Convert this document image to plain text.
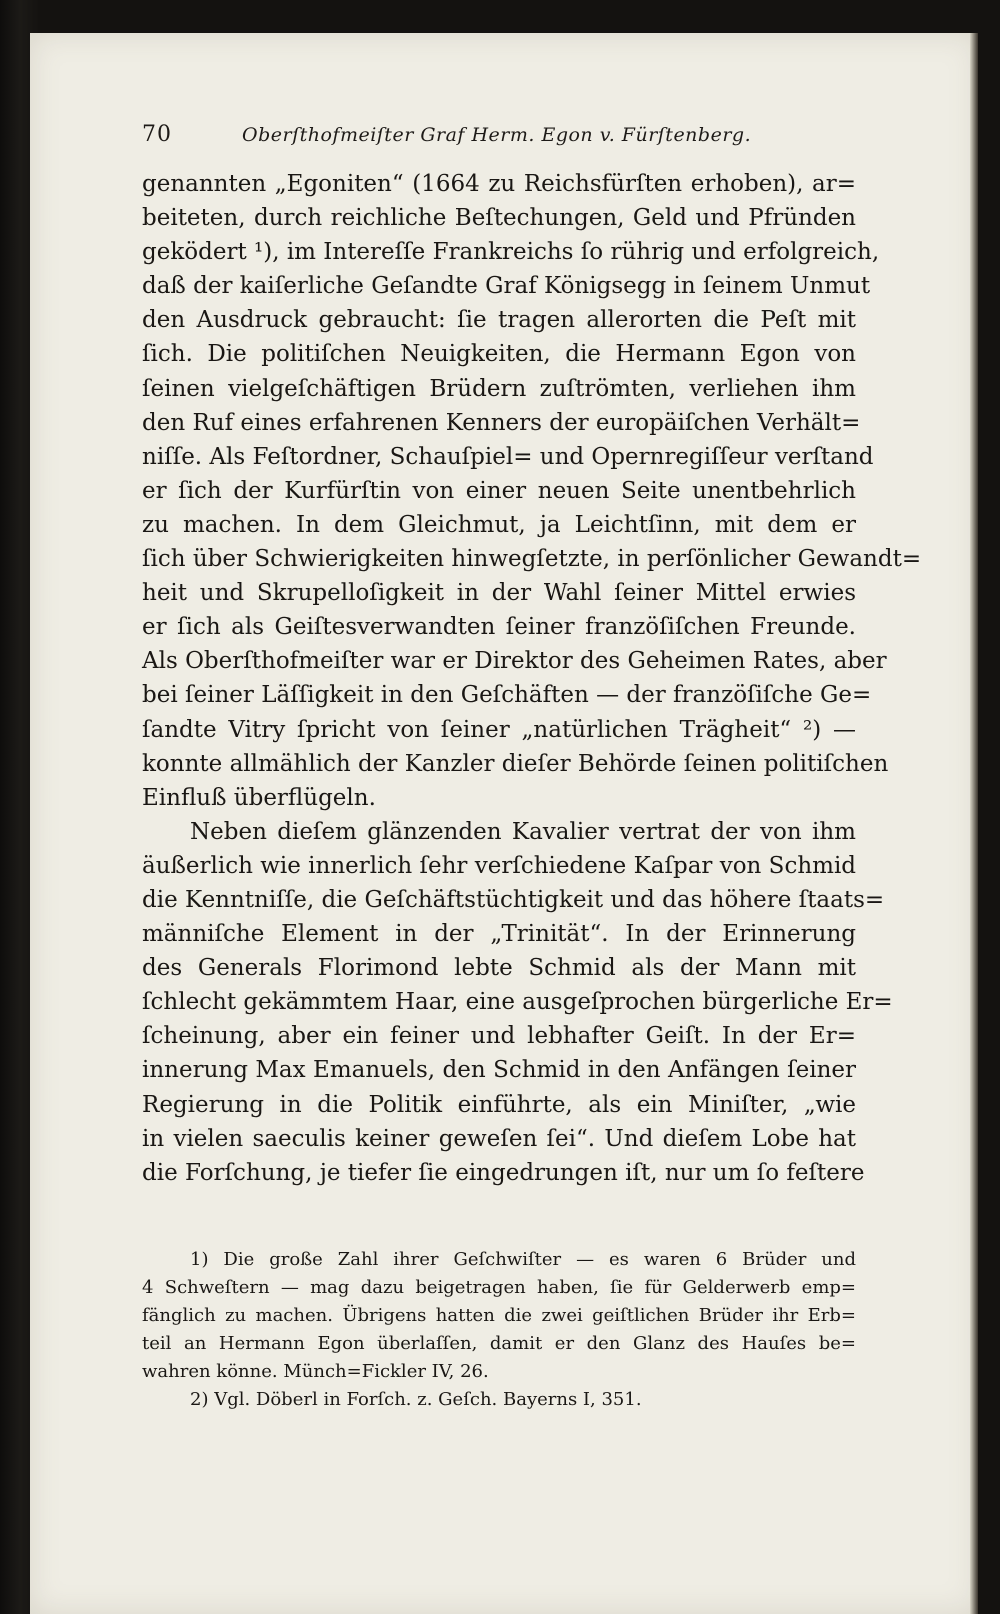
70	Oberſthofmeiſter Graf Herm. Egon v. Fürſtenberg.
genannten „Egoniten“ (1664 zu Reichsfürſten erhoben), ar=
beiteten, durch reichliche Beſtechungen, Geld und Pfründen
geködert ¹), im Intereſſe Frankreichs ſo rührig und erfolgreich,
daß der kaiſerliche Geſandte Graf Königsegg in ſeinem Unmut
den Ausdruck gebraucht: ſie tragen allerorten die Peſt mit
ſich. Die politiſchen Neuigkeiten, die Hermann Egon von
ſeinen vielgeſchäftigen Brüdern zuſtrömten, verliehen ihm
den Ruf eines erfahrenen Kenners der europäiſchen Verhält=
niſſe. Als Feſtordner, Schauſpiel= und Opernregiſſeur verſtand
er ſich der Kurfürſtin von einer neuen Seite unentbehrlich
zu machen. In dem Gleichmut, ja Leichtſinn, mit dem er
ſich über Schwierigkeiten hinwegſetzte, in perſönlicher Gewandt=
heit und Skrupelloſigkeit in der Wahl ſeiner Mittel erwies
er ſich als Geiſtesverwandten ſeiner franzöſiſchen Freunde.
Als Oberſthofmeiſter war er Direktor des Geheimen Rates, aber
bei ſeiner Läſſigkeit in den Geſchäften — der franzöſiſche Ge=
ſandte Vitry ſpricht von ſeiner „natürlichen Trägheit“ ²) —
konnte allmählich der Kanzler dieſer Behörde ſeinen politiſchen
Einfluß überflügeln.
Neben dieſem glänzenden Kavalier vertrat der von ihm
äußerlich wie innerlich ſehr verſchiedene Kaſpar von Schmid
die Kenntniſſe, die Geſchäftstüchtigkeit und das höhere ſtaats=
männiſche Element in der „Trinität“. In der Erinnerung
des Generals Florimond lebte Schmid als der Mann mit
ſchlecht gekämmtem Haar, eine ausgeſprochen bürgerliche Er=
ſcheinung, aber ein feiner und lebhafter Geiſt. In der Er=
innerung Max Emanuels, den Schmid in den Anfängen ſeiner
Regierung in die Politik einführte, als ein Miniſter, „wie
in vielen saeculis keiner geweſen ſei“. Und dieſem Lobe hat
die Forſchung, je tiefer ſie eingedrungen iſt, nur um ſo feſtere
1) Die große Zahl ihrer Geſchwiſter — es waren 6 Brüder und
4 Schweſtern — mag dazu beigetragen haben, ſie für Gelderwerb emp=
fänglich zu machen. Übrigens hatten die zwei geiſtlichen Brüder ihr Erb=
teil an Hermann Egon überlaſſen, damit er den Glanz des Hauſes be=
wahren könne. Münch=Fickler IV, 26.
2) Vgl. Döberl in Forſch. z. Geſch. Bayerns I, 351.
